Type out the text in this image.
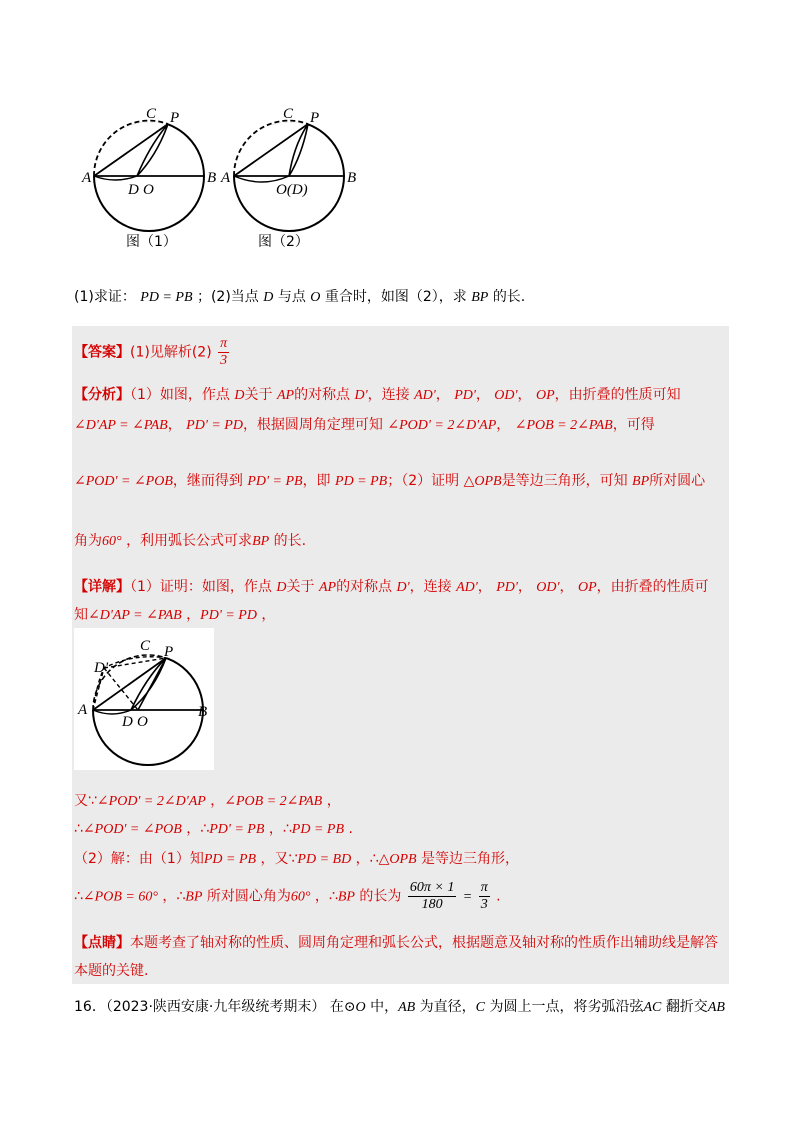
A	B
C P
D O
图（1）
A	B
C P
O(D)
图（2）
(1)求证： PD = PB ；(2)当点 D 与点 O 重合时，如图（2），求 BP 的长.
【答案】(1)见解析$(2) \frac{\pi}{3}$
【分析】（1）如图，作点 D关于 AP的对称点 D'，连接 AD'， PD'， OD'， OP，由折叠的性质可知
∠D'AP = ∠PAB， PD' = PD，根据圆周角定理可知 ∠POD' = 2∠D'AP， ∠POB = 2∠PAB，可得
∠POD' = ∠POB，继而得到 PD' = PB，即 PD = PB；（2）证明 △OPB是等边三角形，可知 BP所对圆心
角为60° ，利用弧长公式可求BP 的长.
【详解】（1）证明：如图，作点 D关于 AP的对称点 D'，连接 AD'， PD'， OD'， OP，由折叠的性质可
知∠D'AP = ∠PAB ，PD' = PD ，
A	B
C P
D'
D O
又∵∠POD' = 2∠D'AP ，∠POB = 2∠PAB ，
∴∠POD' = ∠POB ，∴PD' = PB ，∴PD = PB .
（2）解：由（1）知PD = PB ，又∵PD = BD ，∴△OPB 是等边三角形，
∴∠POB = 60° ，∴BP 所对圆心角为60° ，∴BP 的长为 $\frac{60\pi \times 1}{180} = \frac{\pi}{3}$ .
【点睛】本题考查了轴对称的性质、圆周角定理和弧长公式，根据题意及轴对称的性质作出辅助线是解答
本题的关键.
16．（2023·陕西安康·九年级统考期末） 在⊙O 中，AB 为直径，C 为圆上一点，将劣弧沿弦AC 翻折交AB
